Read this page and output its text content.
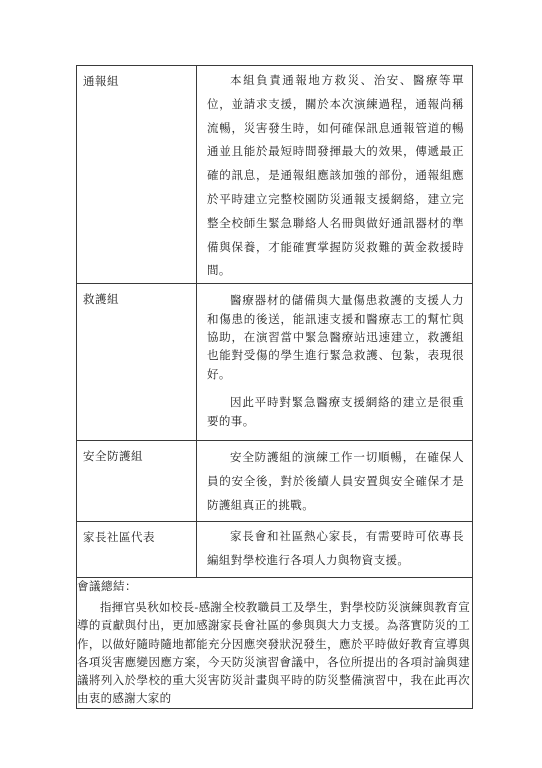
通報組	本組負責通報地方救災、治安、醫療等單位，並請求支援，關於本次演練過程，通報尚稱流暢，災害發生時，如何確保訊息通報管道的暢通並且能於最短時間發揮最大的效果，傳遞最正確的訊息，是通報組應該加強的部份，通報組應於平時建立完整校園防災通報支援網絡，建立完整全校師生緊急聯絡人名冊與做好通訊器材的準備與保養，才能確實掌握防災救難的黃金救援時間。

救護組	醫療器材的儲備與大量傷患救護的支援人力和傷患的後送，能訊速支援和醫療志工的幫忙與協助，在演習當中緊急醫療站迅速建立，救護組也能對受傷的學生進行緊急救護、包紮，表現很好。

因此平時對緊急醫療支援網絡的建立是很重要的事。

安全防護組	安全防護組的演練工作一切順暢，在確保人員的安全後，對於後續人員安置與安全確保才是防護組真正的挑戰。

家長社區代表	家長會和社區熱心家長，有需要時可依專長編組對學校進行各項人力與物資支援。

會議總結：

指揮官吳秋如校長-感謝全校教職員工及學生，對學校防災演練與教育宣導的貢獻與付出，更加感謝家長會社區的參與與大力支援。為落實防災的工作，以做好隨時隨地都能充分因應突發狀況發生，應於平時做好教育宣導與各項災害應變因應方案，今天防災演習會議中，各位所提出的各項討論與建議將列入於學校的重大災害防災計畫與平時的防災整備演習中，我在此再次由衷的感謝大家的	
